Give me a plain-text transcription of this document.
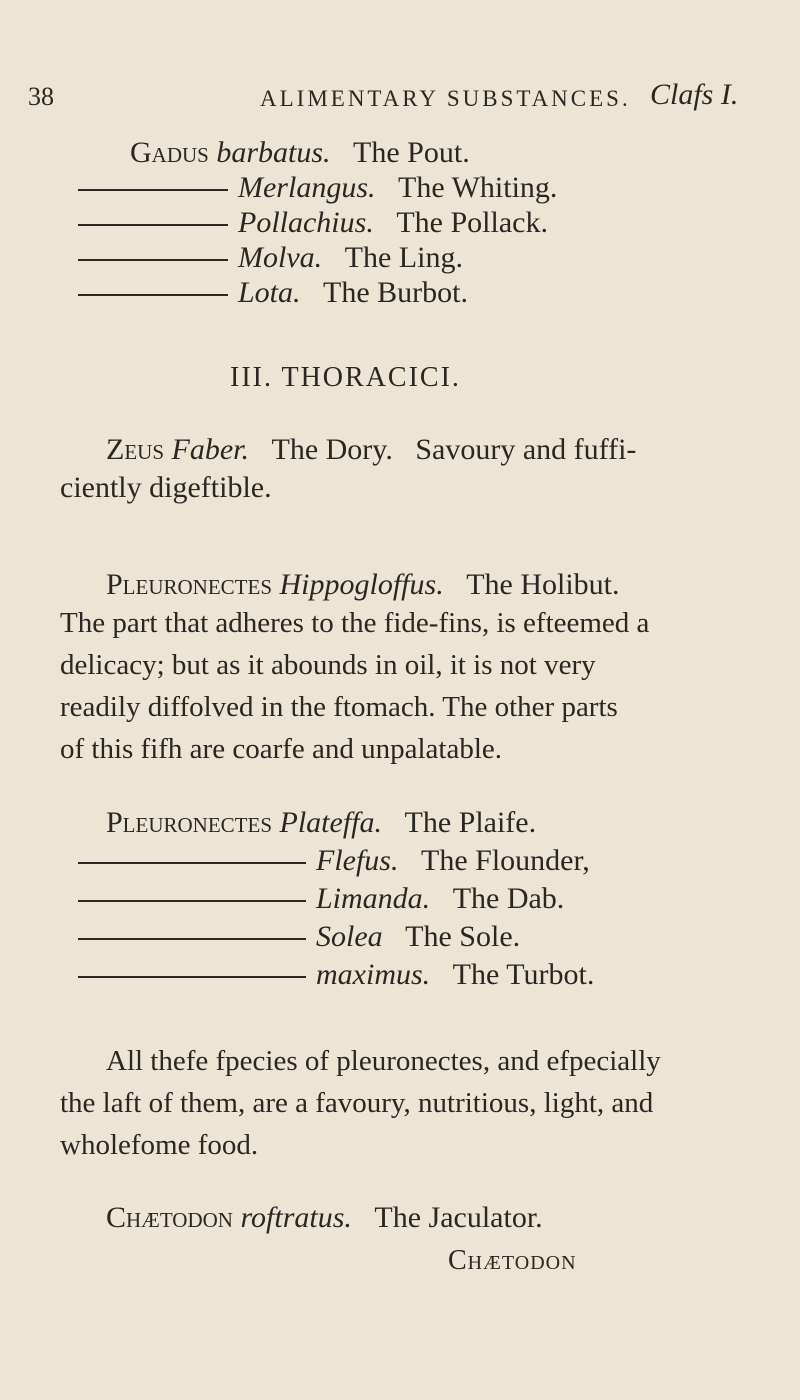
38	ALIMENTARY SUBSTANCES. Clafs I.
Gadus barbatus. The Pout.
Merlangus. The Whiting.
Pollachius. The Pollack.
Molva. The Ling.
Lota. The Burbot.
III. THORACICI.
Zeus Faber. The Dory. Savoury and fuffi-
ciently digeftible.
Pleuronectes Hippogloffus. The Holibut.
The part that adheres to the fide-fins, is efteemed a
delicacy; but as it abounds in oil, it is not very
readily diffolved in the ftomach. The other parts
of this fifh are coarfe and unpalatable.
Pleuronectes Plateffa. The Plaife.
Flefus. The Flounder,
Limanda. The Dab.
Solea The Sole.
maximus. The Turbot.
All thefe fpecies of pleuronectes, and efpecially
the laft of them, are a favoury, nutritious, light, and
wholefome food.
Chætodon roftratus. The Jaculator.
Chætodon
